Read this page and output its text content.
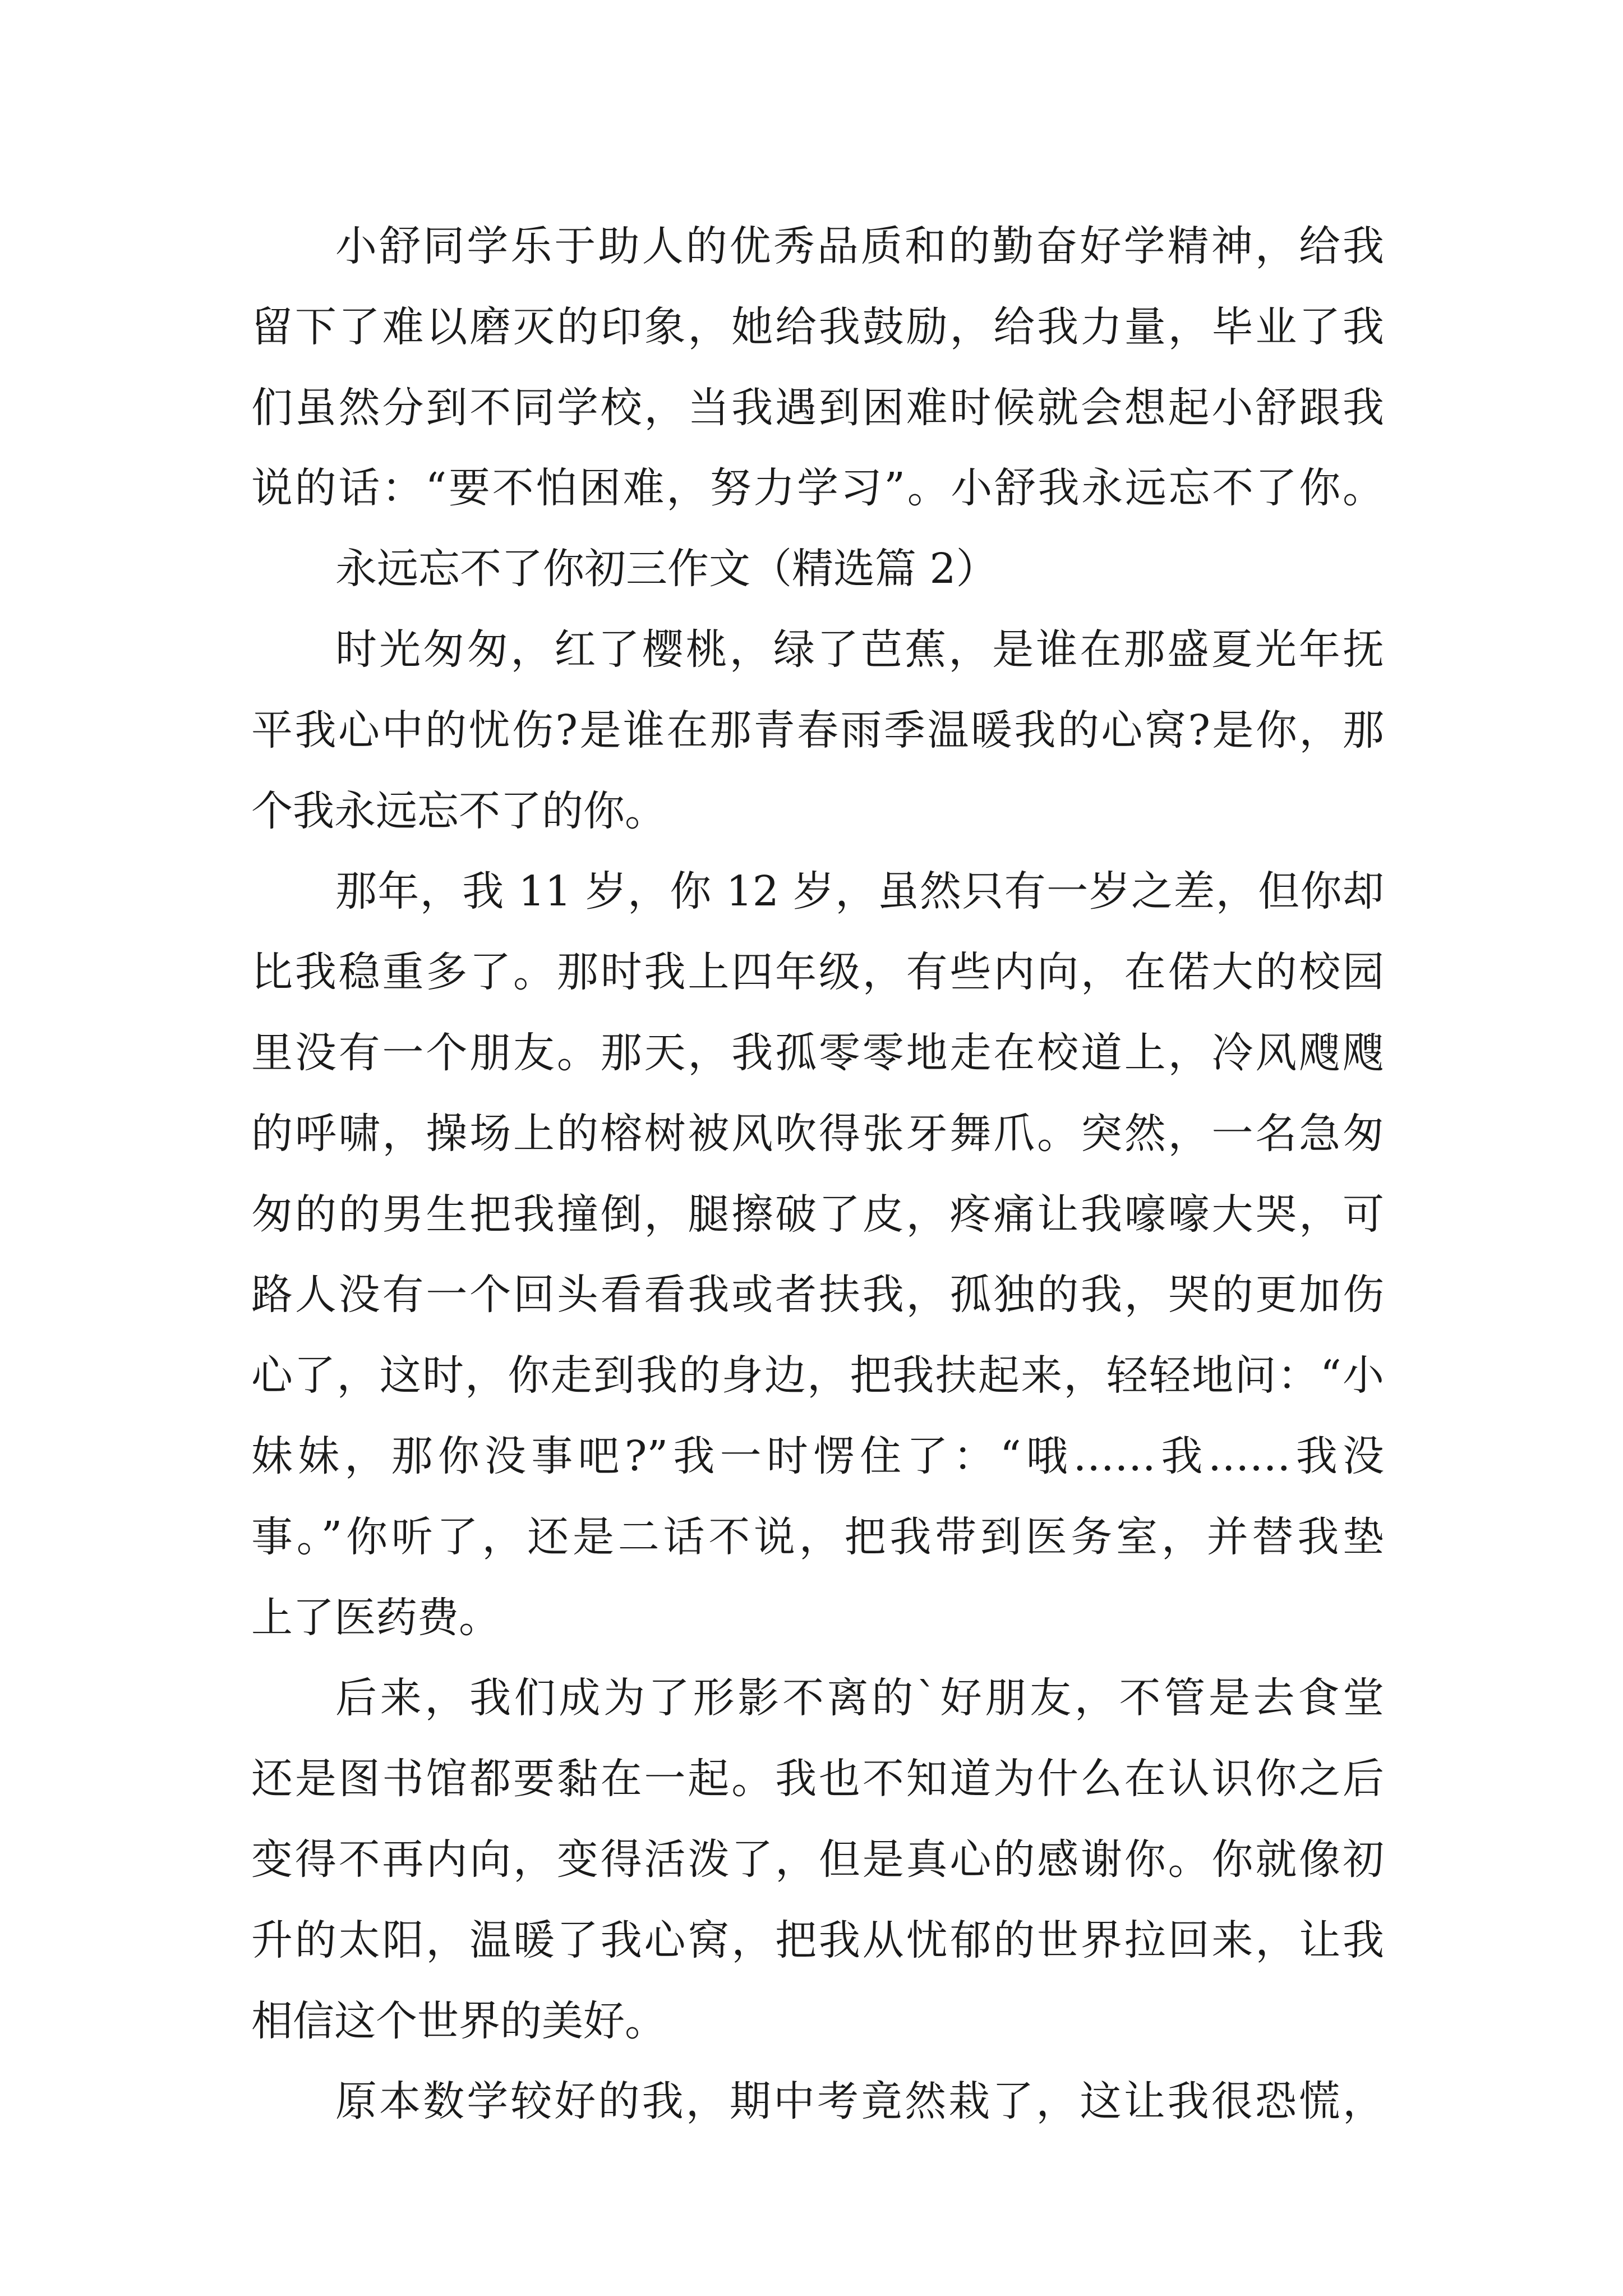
小舒同学乐于助人的优秀品质和的勤奋好学精神，给我
留下了难以磨灭的印象，她给我鼓励，给我力量，毕业了我
们虽然分到不同学校，当我遇到困难时候就会想起小舒跟我
说的话：“要不怕困难，努力学习”。小舒我永远忘不了你。
永远忘不了你初三作文（精选篇 2）
时光匆匆，红了樱桃，绿了芭蕉，是谁在那盛夏光年抚
平我心中的忧伤?是谁在那青春雨季温暖我的心窝?是你，那
个我永远忘不了的你。
那年，我 11 岁，你 12 岁，虽然只有一岁之差，但你却
比我稳重多了。那时我上四年级，有些内向，在偌大的校园
里没有一个朋友。那天，我孤零零地走在校道上，冷风飕飕
的呼啸，操场上的榕树被风吹得张牙舞爪。突然，一名急匆
匆的的男生把我撞倒，腿擦破了皮，疼痛让我嚎嚎大哭，可
路人没有一个回头看看我或者扶我，孤独的我，哭的更加伤
心了，这时，你走到我的身边，把我扶起来，轻轻地问：“小
妹妹，那你没事吧?”我一时愣住了：“哦……我……我没
事。”你听了，还是二话不说，把我带到医务室，并替我垫
上了医药费。
后来，我们成为了形影不离的`好朋友，不管是去食堂
还是图书馆都要黏在一起。我也不知道为什么在认识你之后
变得不再内向，变得活泼了，但是真心的感谢你。你就像初
升的太阳，温暖了我心窝，把我从忧郁的世界拉回来，让我
相信这个世界的美好。
原本数学较好的我，期中考竟然栽了，这让我很恐慌，
